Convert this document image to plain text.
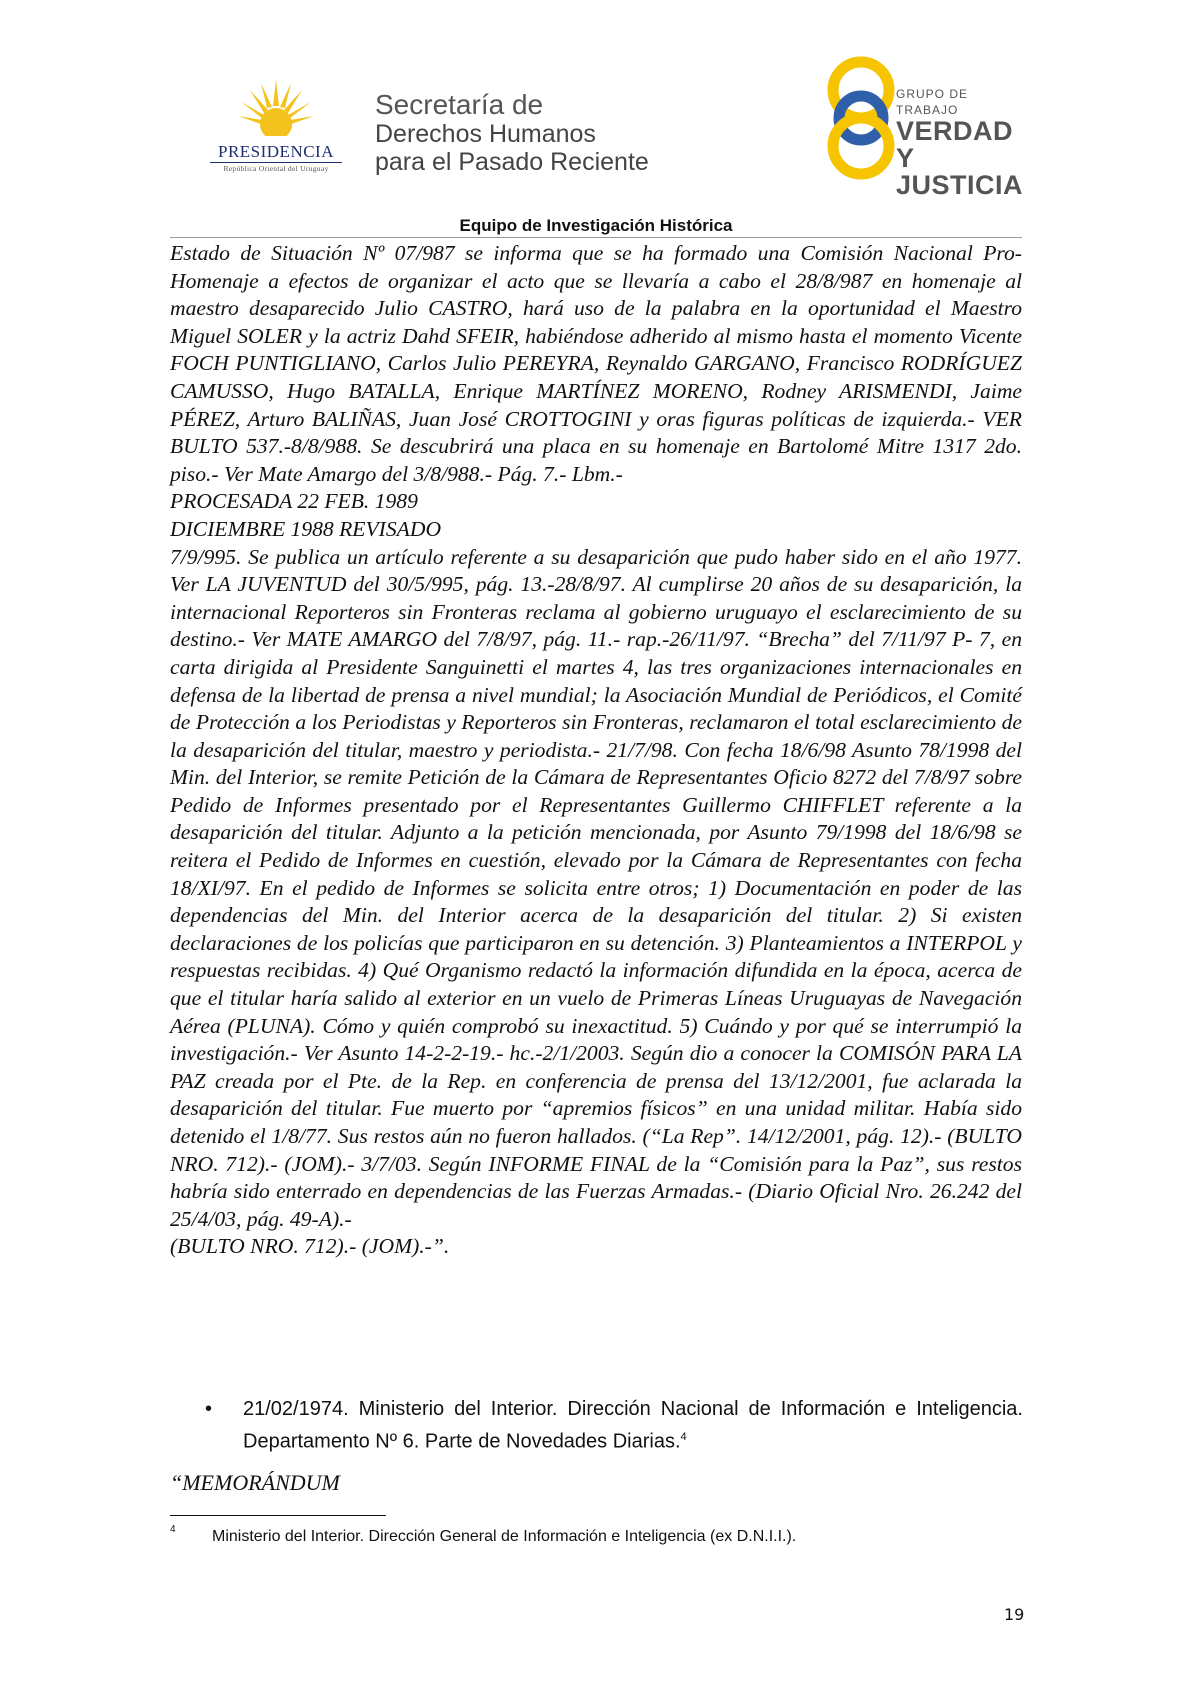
PRESIDENCIA
República Oriental del Uruguay
Secretaría de
Derechos Humanos
para el Pasado Reciente
GRUPO DE TRABAJO
VERDAD Y
JUSTICIA
Equipo de Investigación Histórica

Estado de Situación Nº 07/987 se informa que se ha formado una Comisión Nacional Pro-Homenaje a efectos de organizar el acto que se llevaría a cabo el 28/8/987 en homenaje al maestro desaparecido Julio CASTRO, hará uso de la palabra en la oportunidad el Maestro Miguel SOLER y la actriz Dahd SFEIR, habiéndose adherido al mismo hasta el momento Vicente FOCH PUNTIGLIANO, Carlos Julio PEREYRA, Reynaldo GARGANO, Francisco RODRÍGUEZ CAMUSSO, Hugo BATALLA, Enrique MARTÍNEZ MORENO, Rodney ARISMENDI, Jaime PÉREZ, Arturo BALIÑAS, Juan José CROTTOGINI y oras figuras políticas de izquierda.- VER BULTO 537.-8/8/988. Se descubrirá una placa en su homenaje en Bartolomé Mitre 1317 2do. piso.- Ver Mate Amargo del 3/8/988.- Pág. 7.- Lbm.-

PROCESADA 22 FEB. 1989

DICIEMBRE 1988 REVISADO

7/9/995. Se publica un artículo referente a su desaparición que pudo haber sido en el año 1977. Ver LA JUVENTUD del 30/5/995, pág. 13.-28/8/97. Al cumplirse 20 años de su desaparición, la internacional Reporteros sin Fronteras reclama al gobierno uruguayo el esclarecimiento de su destino.- Ver MATE AMARGO del 7/8/97, pág. 11.- rap.-26/11/97. “Brecha” del 7/11/97 P- 7, en carta dirigida al Presidente Sanguinetti el martes 4, las tres organizaciones internacionales en defensa de la libertad de prensa a nivel mundial; la Asociación Mundial de Periódicos, el Comité de Protección a los Periodistas y Reporteros sin Fronteras, reclamaron el total esclarecimiento de la desaparición del titular, maestro y periodista.- 21/7/98. Con fecha 18/6/98 Asunto 78/1998 del Min. del Interior, se remite Petición de la Cámara de Representantes Oficio 8272 del 7/8/97 sobre Pedido de Informes presentado por el Representantes Guillermo CHIFFLET referente a la desaparición del titular. Adjunto a la petición mencionada, por Asunto 79/1998 del 18/6/98 se reitera el Pedido de Informes en cuestión, elevado por la Cámara de Representantes con fecha 18/XI/97. En el pedido de Informes se solicita entre otros; 1) Documentación en poder de las dependencias del Min. del Interior acerca de la desaparición del titular. 2) Si existen declaraciones de los policías que participaron en su detención. 3) Planteamientos a INTERPOL y respuestas recibidas. 4) Qué Organismo redactó la información difundida en la época, acerca de que el titular haría salido al exterior en un vuelo de Primeras Líneas Uruguayas de Navegación Aérea (PLUNA). Cómo y quién comprobó su inexactitud. 5) Cuándo y por qué se interrumpió la investigación.- Ver Asunto 14-2-2-19.- hc.-2/1/2003. Según dio a conocer la COMISÓN PARA LA PAZ creada por el Pte. de la Rep. en conferencia de prensa del 13/12/2001, fue aclarada la desaparición del titular. Fue muerto por “apremios físicos” en una unidad militar. Había sido detenido el 1/8/77. Sus restos aún no fueron hallados. (“La Rep”. 14/12/2001, pág. 12).- (BULTO NRO. 712).- (JOM).- 3/7/03. Según INFORME FINAL de la “Comisión para la Paz”, sus restos habría sido enterrado en dependencias de las Fuerzas Armadas.- (Diario Oficial Nro. 26.242 del 25/4/03, pág. 49-A).-

(BULTO NRO. 712).- (JOM).-”.

• 21/02/1974. Ministerio del Interior. Dirección Nacional de Información e Inteligencia. Departamento Nº 6. Parte de Novedades Diarias.$^4$
“MEMORÁNDUM
4 Ministerio del Interior. Dirección General de Información e Inteligencia (ex D.N.I.I.).
19
